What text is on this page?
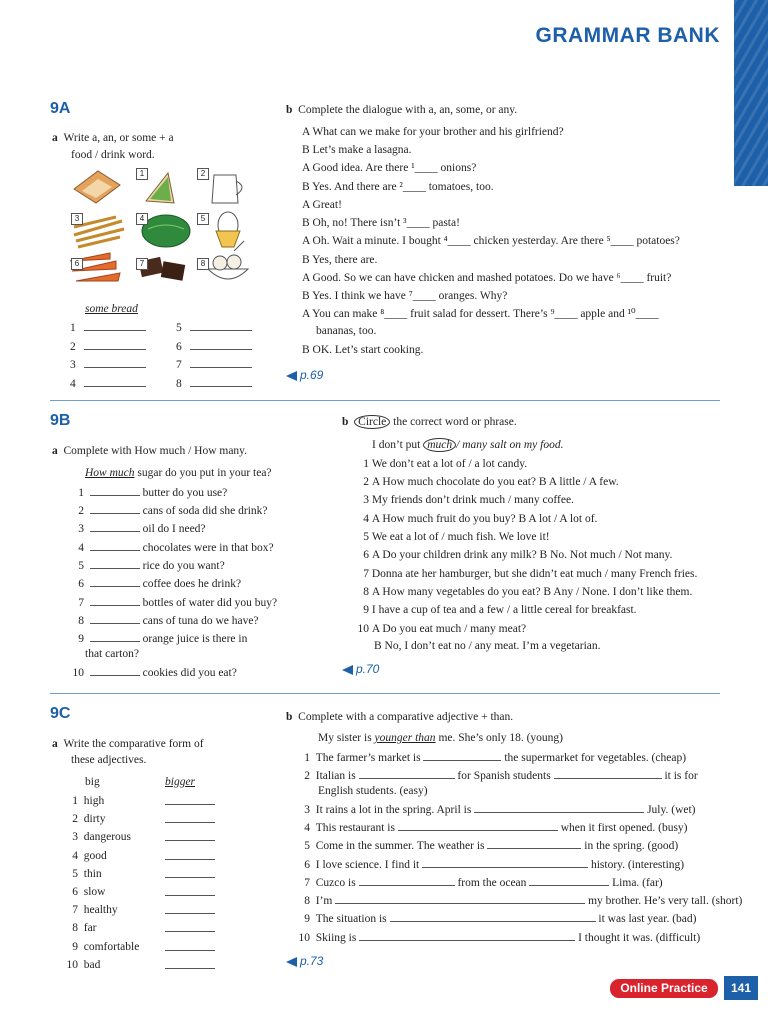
GRAMMAR BANK
9A
a Write a, an, or some + a
food / drink word.
1	2
3	4	5
6	7	8
some bread
1
2
3
4
5
6
7
8
b Complete the dialogue with a, an, some, or any.
A What can we make for your brother and his girlfriend?
B Let’s make a lasagna.
A Good idea. Are there ¹____ onions?
B Yes. And there are ²____ tomatoes, too.
A Great!
B Oh, no! There isn’t ³____ pasta!
A Oh. Wait a minute. I bought ⁴____ chicken yesterday. Are there ⁵____ potatoes?
B Yes, there are.
A Good. So we can have chicken and mashed potatoes. Do we have ⁶____ fruit?
B Yes. I think we have ⁷____ oranges. Why?
A You can make ⁸____ fruit salad for dessert. There’s ⁹____ apple and ¹⁰____
bananas, too.
B OK. Let’s start cooking.
p.69
9B
a Complete with How much / How many.
How much sugar do you put in your tea?
1	butter do you use?
2	cans of soda did she drink?
3	oil do I need?
4	chocolates were in that box?
5	rice do you want?
6	coffee does he drink?
7	bottles of water did you buy?
8	cans of tuna do we have?
9	orange juice is there in
that carton?
10	cookies did you eat?
b Circle the correct word or phrase.
I don’t put much / many salt on my food.
1 We don’t eat a lot of / a lot candy.
2 A How much chocolate do you eat? B A little / A few.
3 My friends don’t drink much / many coffee.
4 A How much fruit do you buy? B A lot / A lot of.
5 We eat a lot of / much fish. We love it!
6 A Do your children drink any milk? B No. Not much / Not many.
7 Donna ate her hamburger, but she didn’t eat much / many French fries.
8 A How many vegetables do you eat? B Any / None. I don’t like them.
9 I have a cup of tea and a few / a little cereal for breakfast.
10 A Do you eat much / many meat?
B No, I don’t eat no / any meat. I’m a vegetarian.
p.70
9C
a Write the comparative form of
these adjectives.
big	bigger
1 high
2 dirty
3 dangerous
4 good
5 thin
6 slow
7 healthy
8 far
9 comfortable
10 bad
b Complete with a comparative adjective + than.
My sister is younger than me. She’s only 18. (young)
1 The farmer’s market is	the supermarket for vegetables. (cheap)
2 Italian is	for Spanish students	it is for
English students. (easy)
3 It rains a lot in the spring. April is	July. (wet)
4 This restaurant is	when it first opened. (busy)
5 Come in the summer. The weather is	in the spring. (good)
6 I love science. I find it	history. (interesting)
7 Cuzco is	from the ocean	Lima. (far)
8 I’m	my brother. He’s very tall. (short)
9 The situation is	it was last year. (bad)
10 Skiing is	I thought it was. (difficult)
p.73
Online Practice	141
